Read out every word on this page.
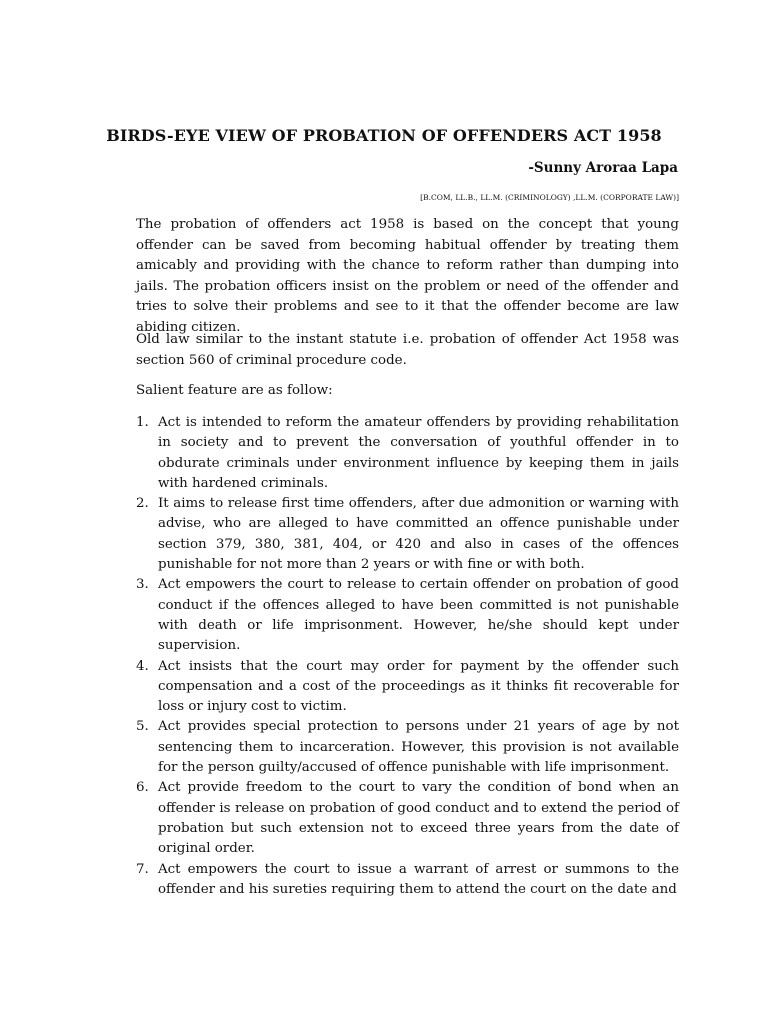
BIRDS-EYE VIEW OF PROBATION OF OFFENDERS ACT 1958
-Sunny Aroraa Lapa
[B.COM, LL.B., LL.M. (CRIMINOLOGY) ,LL.M. (CORPORATE LAW)]

The probation of offenders act 1958 is based on the concept that young offender can be saved from becoming habitual offender by treating them amicably and providing with the chance to reform rather than dumping into jails. The probation officers insist on the problem or need of the offender and tries to solve their problems and see to it that the offender become are law abiding citizen.

Old law similar to the instant statute i.e. probation of offender Act 1958 was section 560 of criminal procedure code.

Salient feature are as follow:

1. Act is intended to reform the amateur offenders by providing rehabilitation in society and to prevent the conversation of youthful offender in to obdurate criminals under environment influence by keeping them in jails with hardened criminals.
2. It aims to release first time offenders, after due admonition or warning with advise, who are alleged to have committed an offence punishable under section 379, 380, 381, 404, or 420 and also in cases of the offences punishable for not more than 2 years or with fine or with both.
3. Act empowers the court to release to certain offender on probation of good conduct if the offences alleged to have been committed is not punishable with death or life imprisonment. However, he/she should kept under supervision.
4. Act insists that the court may order for payment by the offender such compensation and a cost of the proceedings as it thinks fit recoverable for loss or injury cost to victim.
5. Act provides special protection to persons under 21 years of age by not sentencing them to incarceration. However, this provision is not available for the person guilty/accused of offence punishable with life imprisonment.
6. Act provide freedom to the court to vary the condition of bond when an offender is release on probation of good conduct and to extend the period of probation but such extension not to exceed three years from the date of original order.
7. Act empowers the court to issue a warrant of arrest or summons to the offender and his sureties requiring them to attend the court on the date and
